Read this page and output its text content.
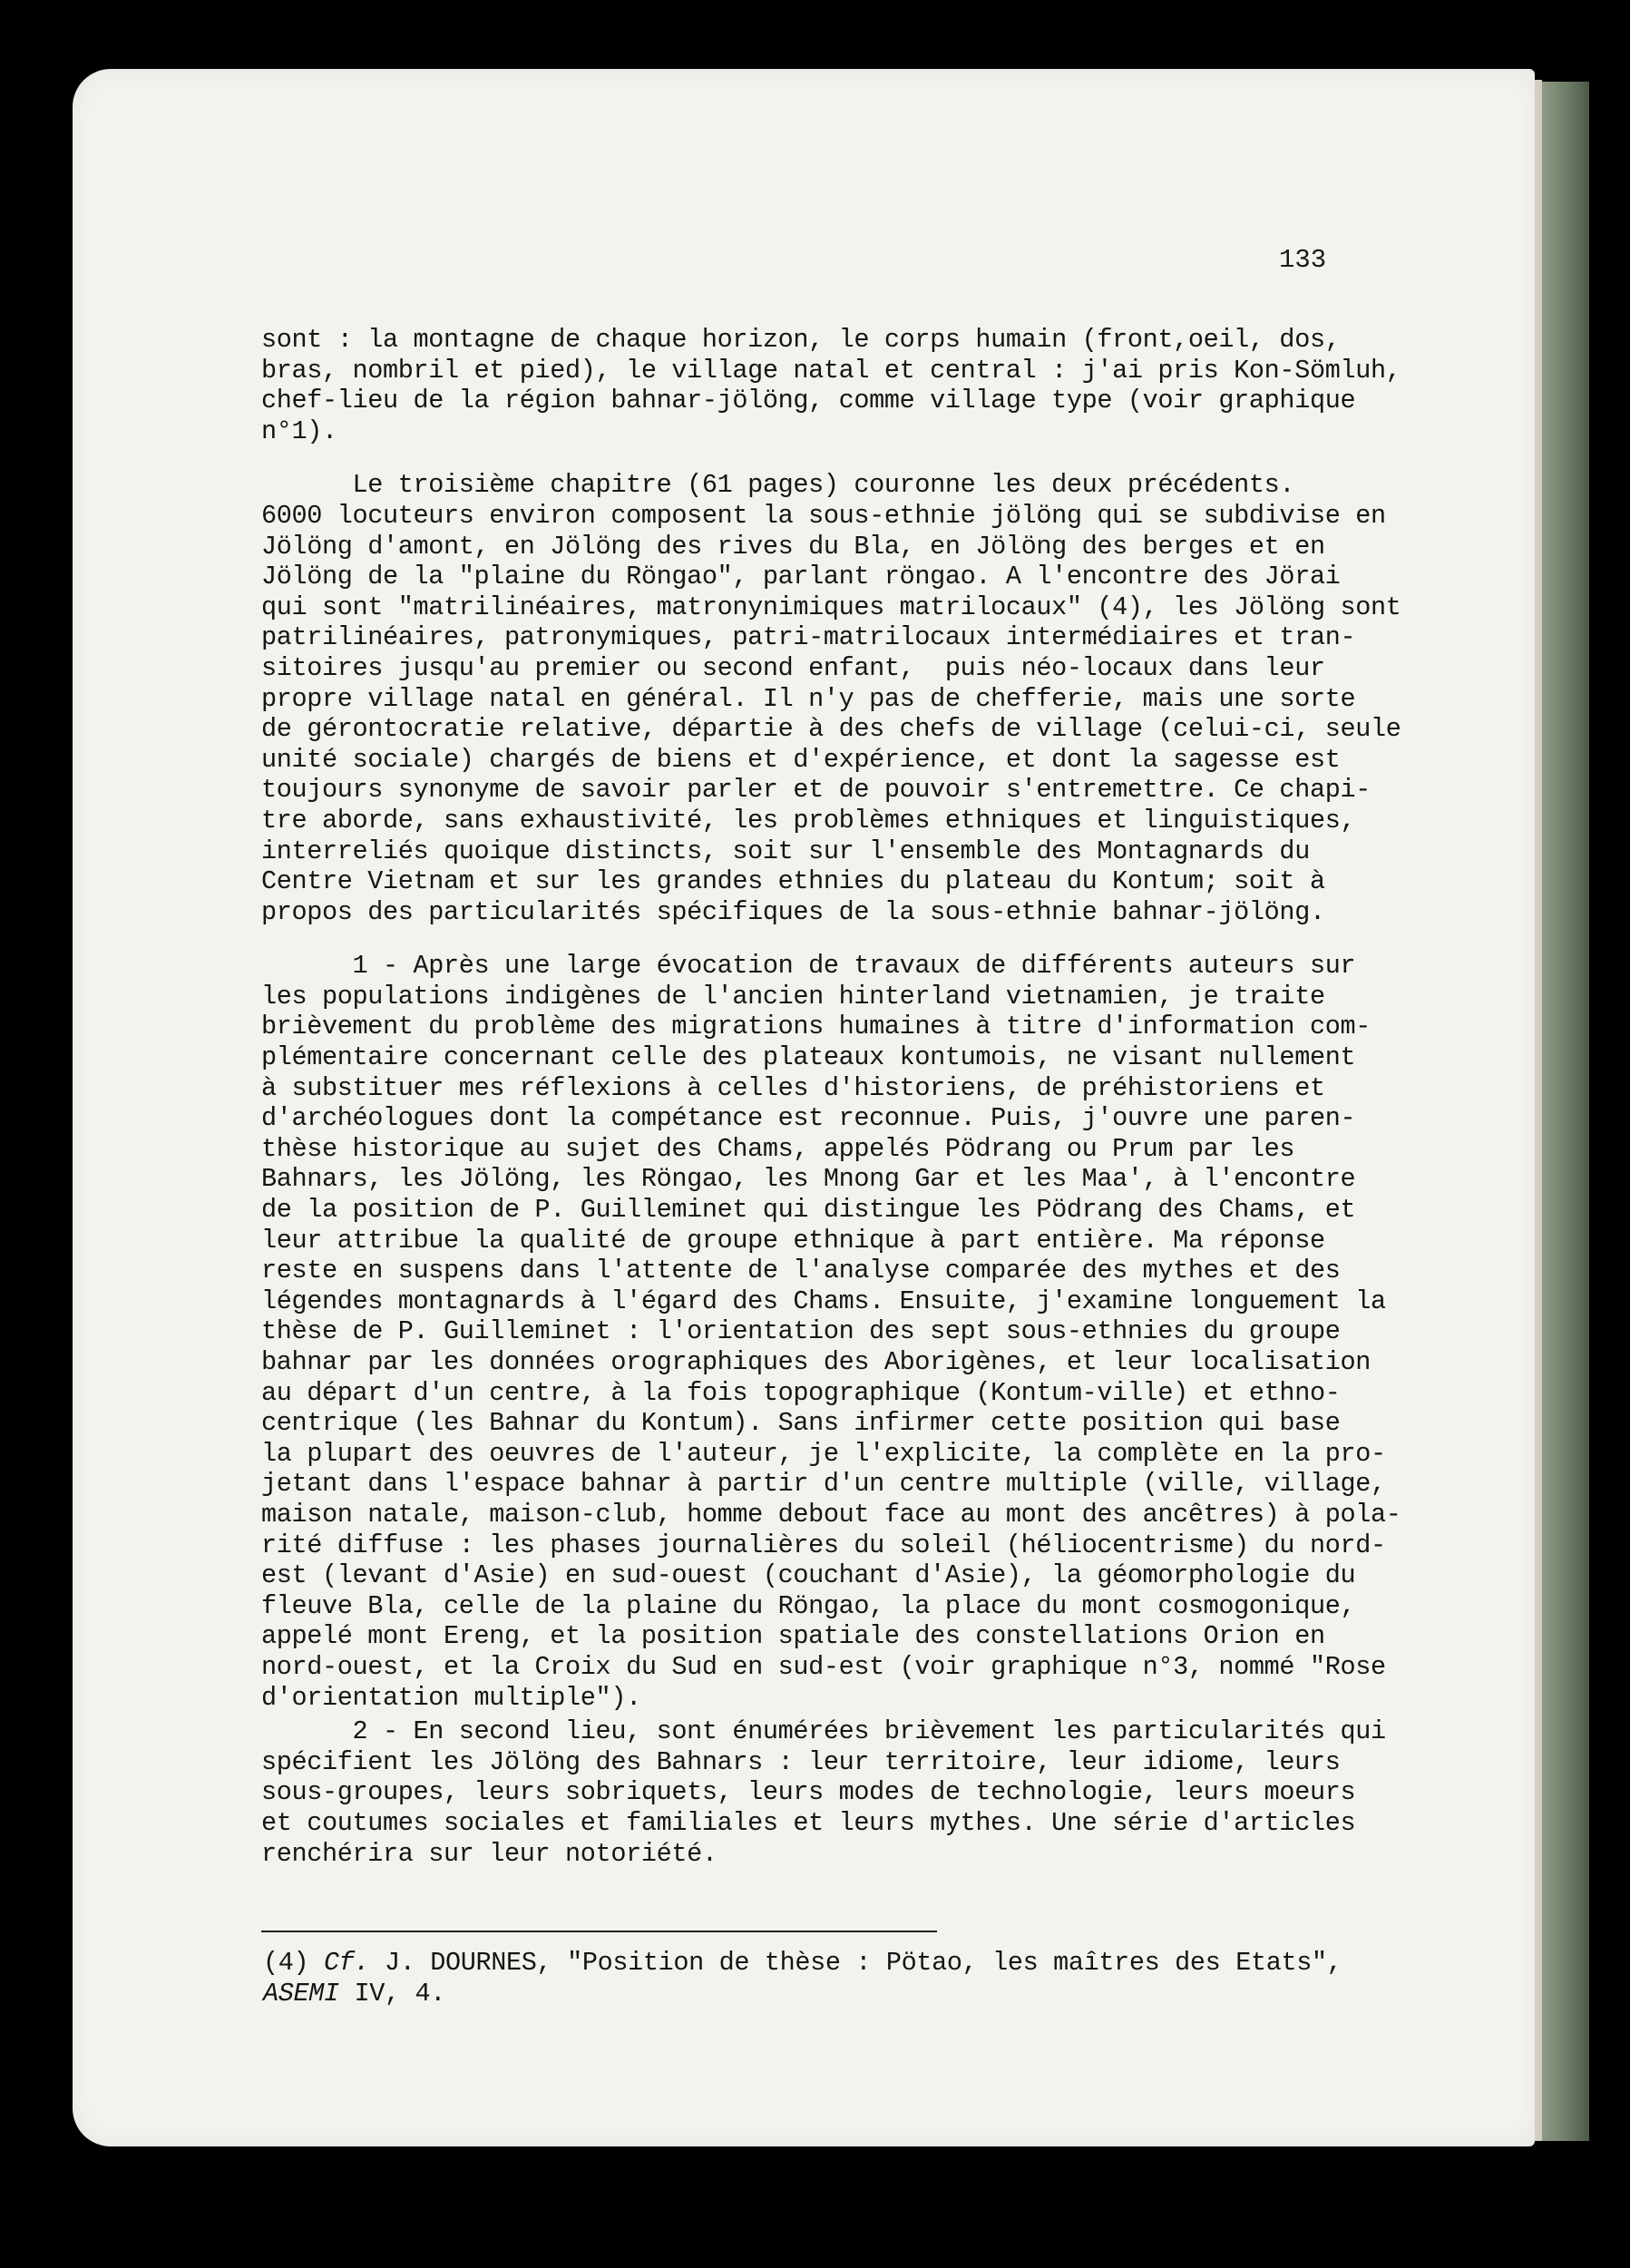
133
sont : la montagne de chaque horizon, le corps humain (front,oeil, dos,
bras, nombril et pied), le village natal et central : j'ai pris Kon-Sömluh,
chef-lieu de la région bahnar-jölöng, comme village type (voir graphique
n°1).
Le troisième chapitre (61 pages) couronne les deux précédents.
6000 locuteurs environ composent la sous-ethnie jölöng qui se subdivise en
Jölöng d'amont, en Jölöng des rives du Bla, en Jölöng des berges et en
Jölöng de la "plaine du Röngao", parlant röngao. A l'encontre des Jörai
qui sont "matrilinéaires, matronynimiques matrilocaux" (4), les Jölöng sont
patrilinéaires, patronymiques, patri-matrilocaux intermédiaires et tran-
sitoires jusqu'au premier ou second enfant,  puis néo-locaux dans leur
propre village natal en général. Il n'y pas de chefferie, mais une sorte
de gérontocratie relative, départie à des chefs de village (celui-ci, seule
unité sociale) chargés de biens et d'expérience, et dont la sagesse est
toujours synonyme de savoir parler et de pouvoir s'entremettre. Ce chapi-
tre aborde, sans exhaustivité, les problèmes ethniques et linguistiques,
interreliés quoique distincts, soit sur l'ensemble des Montagnards du
Centre Vietnam et sur les grandes ethnies du plateau du Kontum; soit à
propos des particularités spécifiques de la sous-ethnie bahnar-jölöng.
1 - Après une large évocation de travaux de différents auteurs sur
les populations indigènes de l'ancien hinterland vietnamien, je traite
brièvement du problème des migrations humaines à titre d'information com-
plémentaire concernant celle des plateaux kontumois, ne visant nullement
à substituer mes réflexions à celles d'historiens, de préhistoriens et
d'archéologues dont la compétance est reconnue. Puis, j'ouvre une paren-
thèse historique au sujet des Chams, appelés Pödrang ou Prum par les
Bahnars, les Jölöng, les Röngao, les Mnong Gar et les Maa', à l'encontre
de la position de P. Guilleminet qui distingue les Pödrang des Chams, et
leur attribue la qualité de groupe ethnique à part entière. Ma réponse
reste en suspens dans l'attente de l'analyse comparée des mythes et des
légendes montagnards à l'égard des Chams. Ensuite, j'examine longuement la
thèse de P. Guilleminet : l'orientation des sept sous-ethnies du groupe
bahnar par les données orographiques des Aborigènes, et leur localisation
au départ d'un centre, à la fois topographique (Kontum-ville) et ethno-
centrique (les Bahnar du Kontum). Sans infirmer cette position qui base
la plupart des oeuvres de l'auteur, je l'explicite, la complète en la pro-
jetant dans l'espace bahnar à partir d'un centre multiple (ville, village,
maison natale, maison-club, homme debout face au mont des ancêtres) à pola-
rité diffuse : les phases journalières du soleil (héliocentrisme) du nord-
est (levant d'Asie) en sud-ouest (couchant d'Asie), la géomorphologie du
fleuve Bla, celle de la plaine du Röngao, la place du mont cosmogonique,
appelé mont Ereng, et la position spatiale des constellations Orion en
nord-ouest, et la Croix du Sud en sud-est (voir graphique n°3, nommé "Rose
d'orientation multiple").
2 - En second lieu, sont énumérées brièvement les particularités qui
spécifient les Jölöng des Bahnars : leur territoire, leur idiome, leurs
sous-groupes, leurs sobriquets, leurs modes de technologie, leurs moeurs
et coutumes sociales et familiales et leurs mythes. Une série d'articles
renchérira sur leur notoriété.
(4) Cf. J. DOURNES, "Position de thèse : Pötao, les maîtres des Etats",
ASEMI IV, 4.
